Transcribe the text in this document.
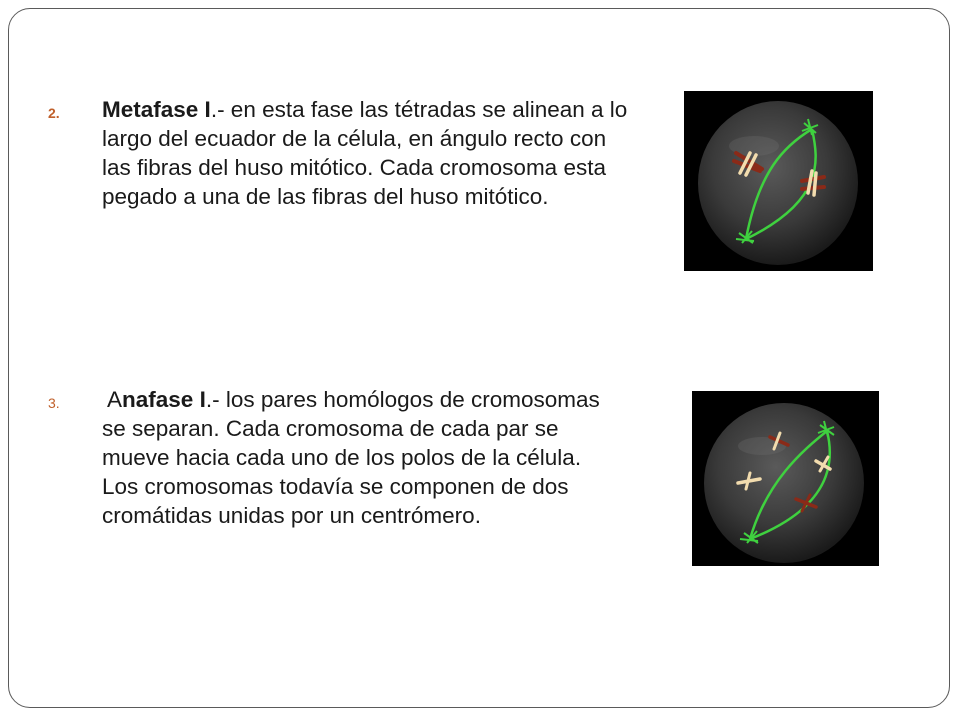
2. Metafase I.- en esta fase las tétradas se alinean a lo largo del ecuador de la célula, en ángulo recto con las fibras del huso mitótico. Cada cromosoma esta pegado a una de las fibras del huso mitótico.
3. Anafase I.- los pares homólogos de cromosomas se separan. Cada cromosoma de cada par se mueve hacia cada uno de los polos de la célula.
Los cromosomas todavía se componen de dos cromátidas unidas por un centrómero.
